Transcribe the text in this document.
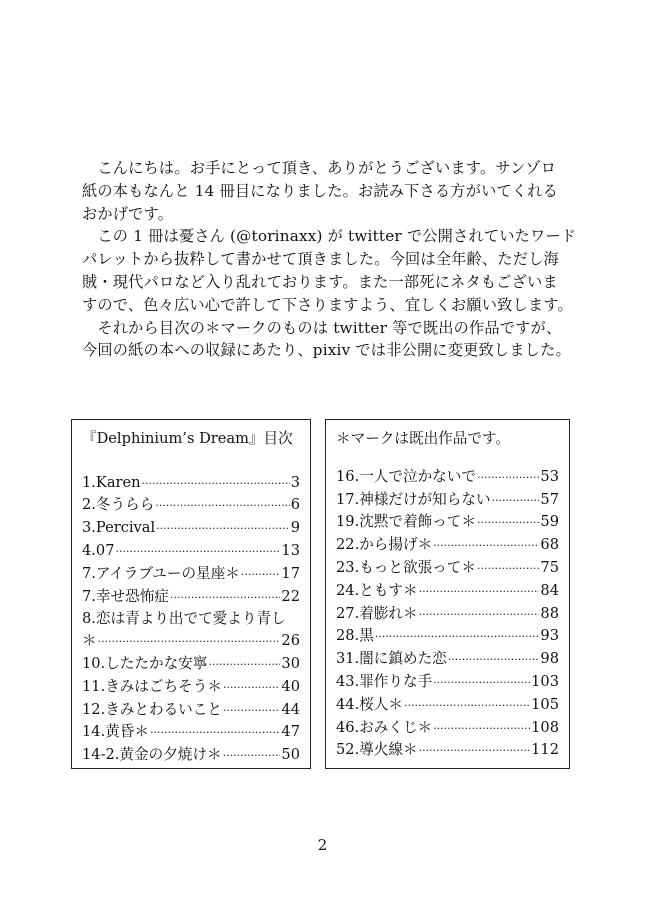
　こんにちは。お手にとって頂き、ありがとうございます。サンゾロ
紙の本もなんと 14 冊目になりました。お読み下さる方がいてくれる
おかげです。
　この 1 冊は憂さん (@torinaxx) が twitter で公開されていたワード
パレットから抜粋して書かせて頂きました。今回は全年齢、ただし海
賊・現代パロなど入り乱れております。また一部死にネタもございま
すので、色々広い心で許して下さりますよう、宜しくお願い致します。
　それから目次の＊マークのものは twitter 等で既出の作品ですが、
今回の紙の本への収録にあたり、pixiv では非公開に変更致しました。
『Delphinium’s Dream』目次
1.Karen ·····	3
2.冬うらら ·····	6
3.Percival ·····	9
4.07 ·····	13
7.アイラブユーの星座＊ ·····	17
7.幸せ恐怖症 ·····	22
8.恋は青より出でて愛より青し
＊ ·····	26
10.したたかな安寧 ·····	30
11.きみはごちそう＊ ·····	40
12.きみとわるいこと ·····	44
14.黄昏＊ ·····	47
14-2.黄金の夕焼け＊ ·····	50
＊マークは既出作品です。
16.一人で泣かないで ·····	53
17.神様だけが知らない ·····	57
19.沈黙で着飾って＊ ·····	59
22.から揚げ＊ ·····	68
23.もっと欲張って＊ ·····	75
24.ともす＊ ·····	84
27.着膨れ＊ ·····	88
28.黒 ·····	93
31.闇に鎮めた恋 ·····	98
43.罪作りな手 ·····	103
44.桜人＊ ·····	105
46.おみくじ＊ ·····	108
52.導火線＊ ·····	112
2
